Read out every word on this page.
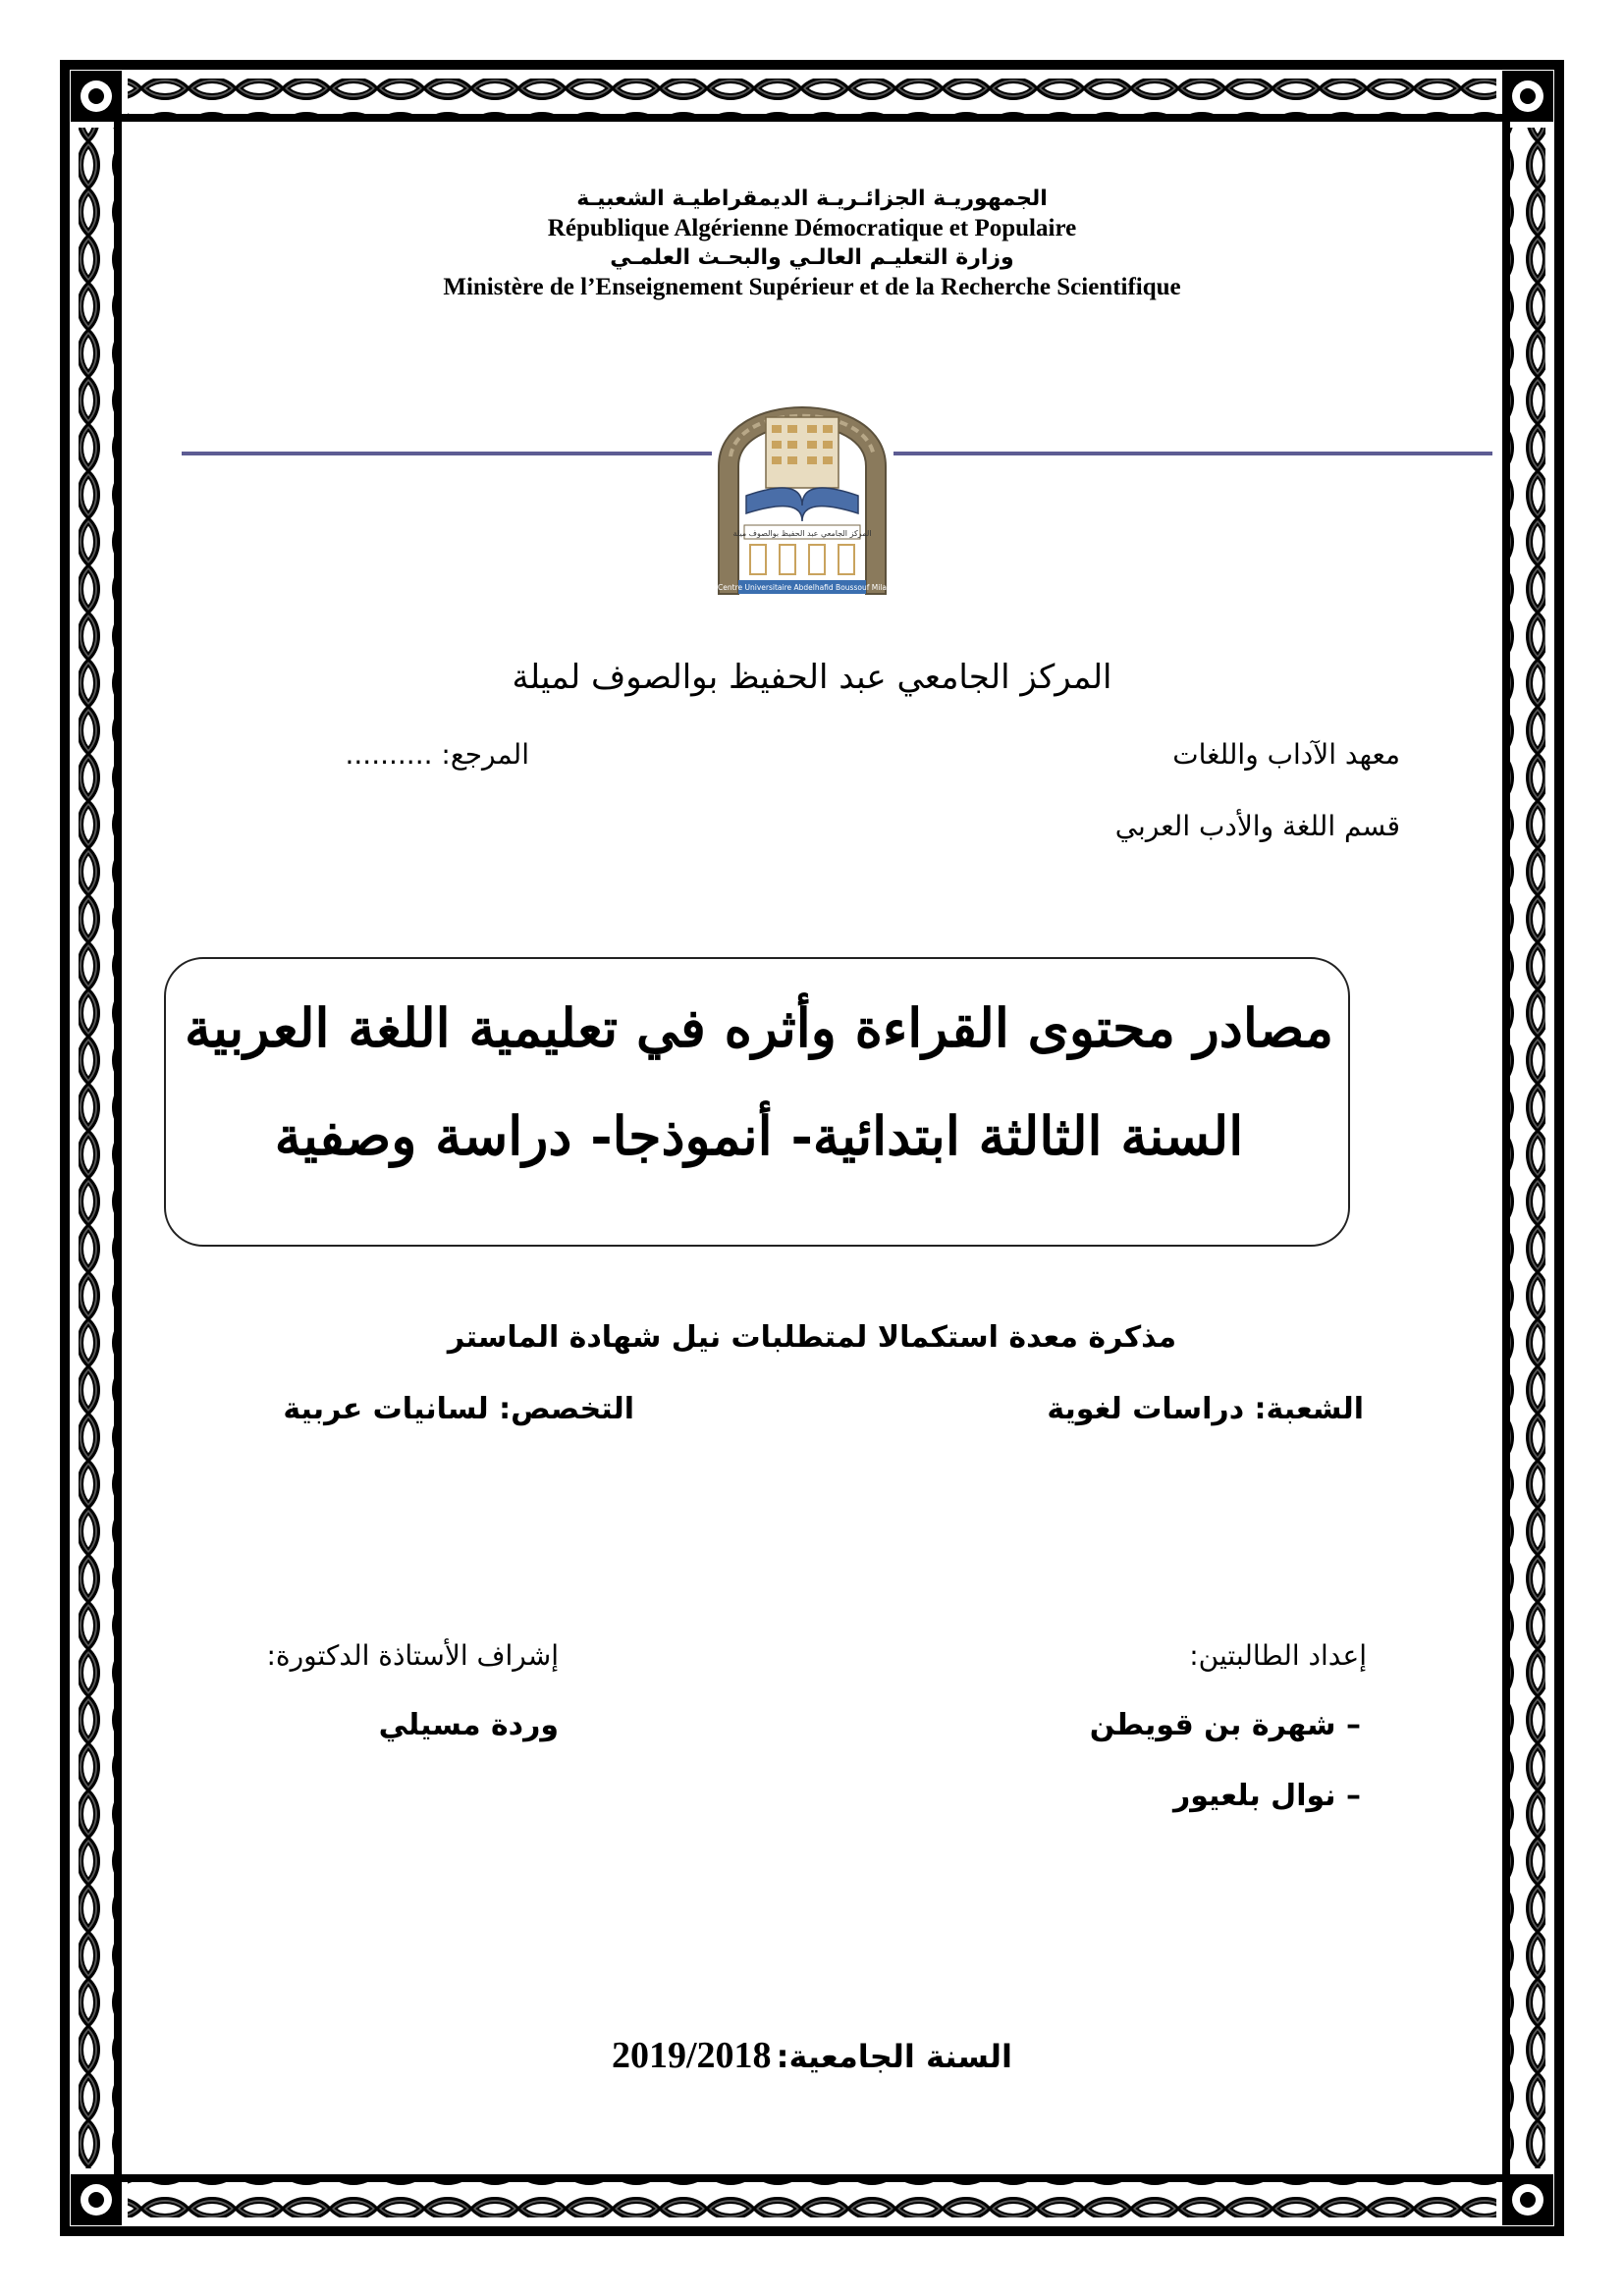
الجمهوريـة الجزائـريـة الديمقراطيـة الشعبيـة
République Algérienne Démocratique et Populaire
وزارة التعليـم العالـي والبحـث العلمـي
Ministère de l’Enseignement Supérieur et de la Recherche Scientifique
المركز الجامعي عبد الحفيظ بوالصوف ميلة
Centre Universitaire Abdelhafid Boussouf Mila
المركز الجامعي عبد الحفيظ بوالصوف لميلة
معهد الآداب واللغات
المرجع: ..........
قسم اللغة والأدب العربي
مصادر محتوى القراءة وأثره في تعليمية اللغة العربية
السنة الثالثة ابتدائية- أنموذجا- دراسة وصفية
مذكرة معدة استكمالا لمتطلبات نيل شهادة الماستر
الشعبة: دراسات لغوية
التخصص: لسانيات عربية
إعداد الطالبتين:
– شهرة بن قويطن
– نوال بلعيور
إشراف الأستاذة الدكتورة:
وردة مسيلي
2019/2018 السنة الجامعية:
